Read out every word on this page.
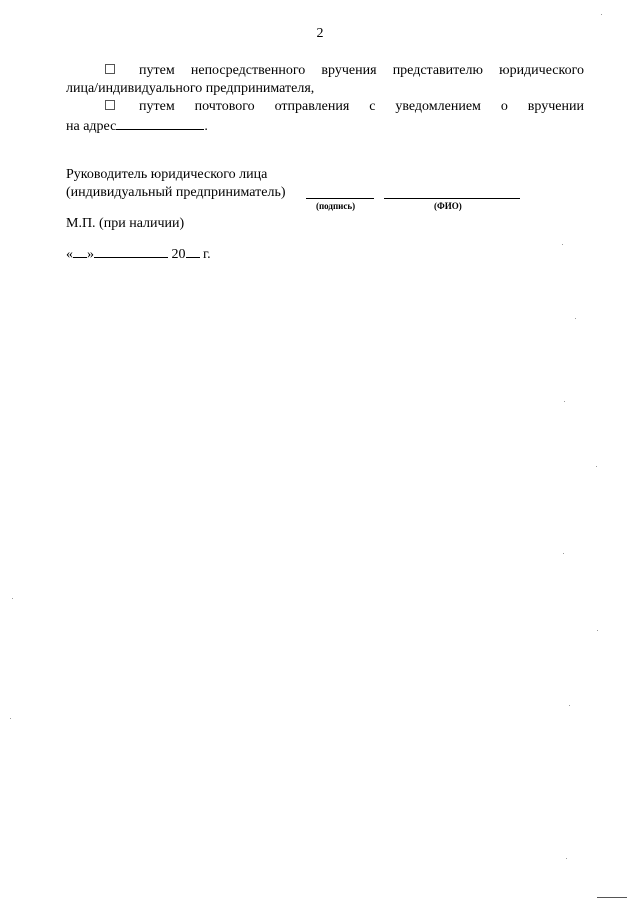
2
путем непосредственного вручения представителю юридического
лица/индивидуального предпринимателя,
путем почтового отправления с уведомлением о вручении
на адрес	.
Руководитель юридического лица
(индивидуальный предприниматель)
(подпись)	(ФИО)
М.П. (при наличии)
« »	20 г.
